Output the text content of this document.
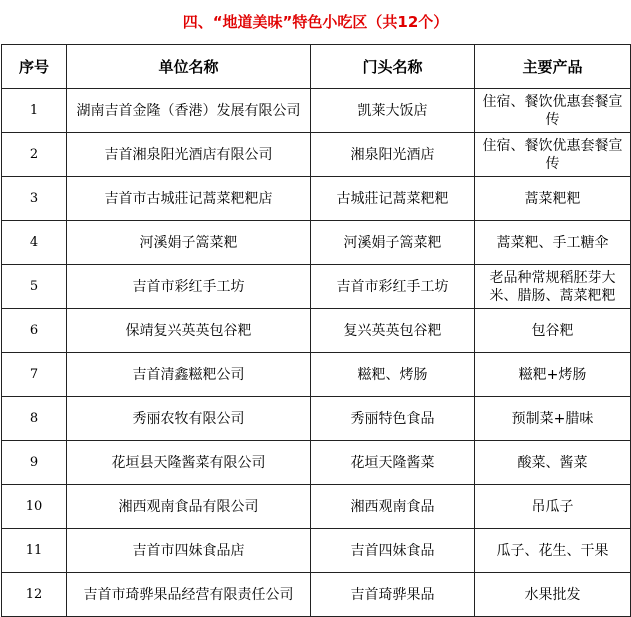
四、“地道美味”特色小吃区（共12个）
序号	单位名称	门头名称	主要产品
1	湖南吉首金隆（香港）发展有限公司	凯莱大饭店	住宿、餐饮优惠套餐宣传
2	吉首湘泉阳光酒店有限公司	湘泉阳光酒店	住宿、餐饮优惠套餐宣传
3	吉首市古城莊记蒿菜粑粑店	古城莊记蒿菜粑粑	蒿菜粑粑
4	河溪娟子篙菜粑	河溪娟子篙菜粑	蒿菜粑、手工糖伞
5	吉首市彩红手工坊	吉首市彩红手工坊	老品种常规稻胚芽大米、腊肠、蒿菜粑粑
6	保靖复兴英英包谷粑	复兴英英包谷粑	包谷粑
7	吉首清鑫糍粑公司	糍粑、烤肠	糍粑+烤肠
8	秀丽农牧有限公司	秀丽特色食品	预制菜+腊味
9	花垣县天隆酱菜有限公司	花垣天隆酱菜	酸菜、酱菜
10	湘西观南食品有限公司	湘西观南食品	吊瓜子
11	吉首市四妹食品店	吉首四妹食品	瓜子、花生、干果
12	吉首市琦骅果品经营有限责任公司	吉首琦骅果品	水果批发
